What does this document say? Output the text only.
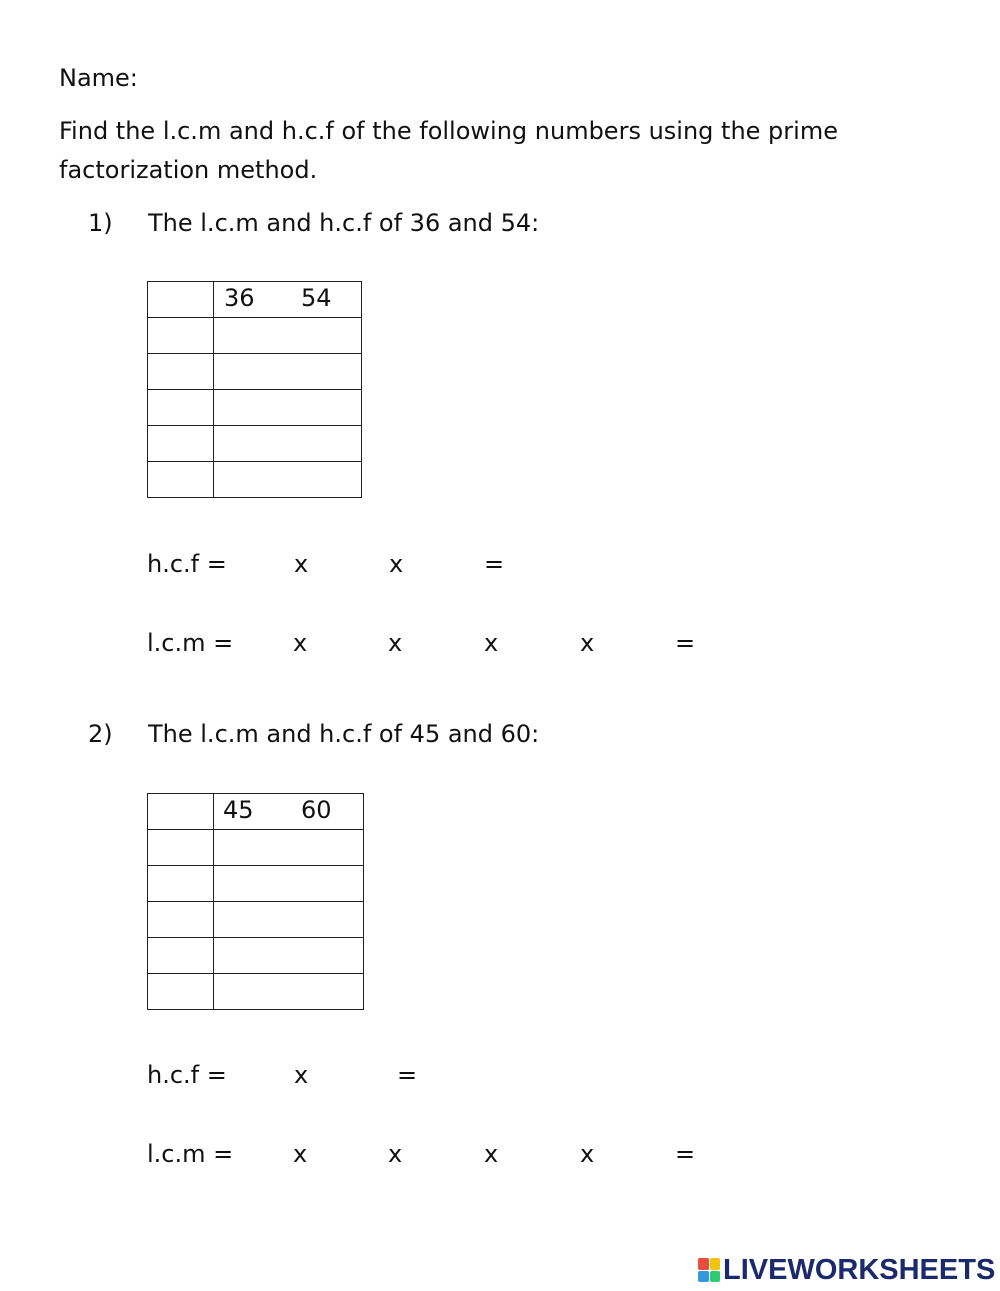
Name:
Find the l.c.m and h.c.f of the following numbers using the prime
factorization method.
1) The l.c.m and h.c.f of 36 and 54:

	36 54

h.c.f =	x	x	=
l.c.m = x	x	x	x	=
2) The l.c.m and h.c.f of 45 and 60:

	45 60

h.c.f =	x	=
l.c.m = x	x	x	x	=
LIVEWORKSHEETS
